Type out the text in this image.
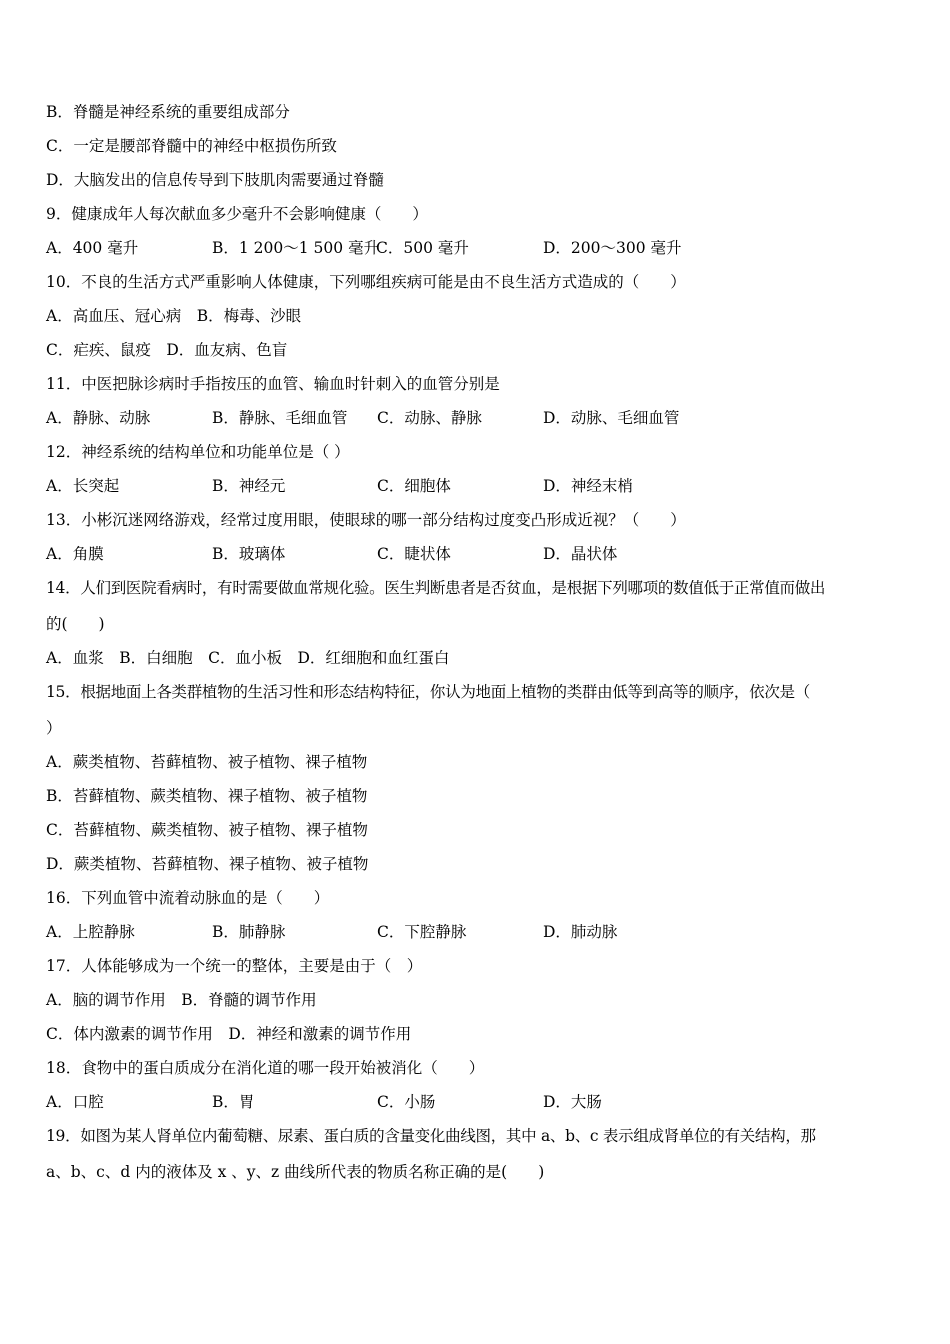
B．脊髓是神经系统的重要组成部分
C．一定是腰部脊髓中的神经中枢损伤所致
D．大脑发出的信息传导到下肢肌肉需要通过脊髓
9．健康成年人每次献血多少毫升不会影响健康（　　）
A．400 毫升	B．1 200～1 500 毫升
C．500 毫升	D．200～300 毫升
10．不良的生活方式严重影响人体健康，下列哪组疾病可能是由不良生活方式造成的（　　）
A．高血压、冠心病　B．梅毒、沙眼
C．疟疾、鼠疫　D．血友病、色盲
11．中医把脉诊病时手指按压的血管、输血时针刺入的血管分别是
A．静脉、动脉	B．静脉、毛细血管 C．动脉、静脉	D．动脉、毛细血管
12．神经系统的结构单位和功能单位是（ ）
A．长突起	B．神经元	C．细胞体	D．神经末梢
13．小彬沉迷网络游戏，经常过度用眼，使眼球的哪一部分结构过度变凸形成近视？（　　）
A．角膜	B．玻璃体	C．睫状体	D．晶状体
14．人们到医院看病时，有时需要做血常规化验。医生判断患者是否贫血，是根据下列哪项的数值低于正常值而做出
的(　　)
A．血浆　B．白细胞　C．血小板　D．红细胞和血红蛋白
15．根据地面上各类群植物的生活习性和形态结构特征，你认为地面上植物的类群由低等到高等的顺序，依次是（
）
A．蕨类植物、苔藓植物、被子植物、裸子植物
B．苔藓植物、蕨类植物、裸子植物、被子植物
C．苔藓植物、蕨类植物、被子植物、裸子植物
D．蕨类植物、苔藓植物、裸子植物、被子植物
16．下列血管中流着动脉血的是（　　）
A．上腔静脉	B．肺静脉	C．下腔静脉	D．肺动脉
17．人体能够成为一个统一的整体，主要是由于（　）
A．脑的调节作用　B．脊髓的调节作用
C．体内激素的调节作用　D．神经和激素的调节作用
18．食物中的蛋白质成分在消化道的哪一段开始被消化（　　）
A．口腔	B．胃	C．小肠	D．大肠
19．如图为某人肾单位内葡萄糖、尿素、蛋白质的含量变化曲线图，其中 a、b、c 表示组成肾单位的有关结构，那
a、b、c、d 内的液体及 x 、y、z 曲线所代表的物质名称正确的是(　　)
